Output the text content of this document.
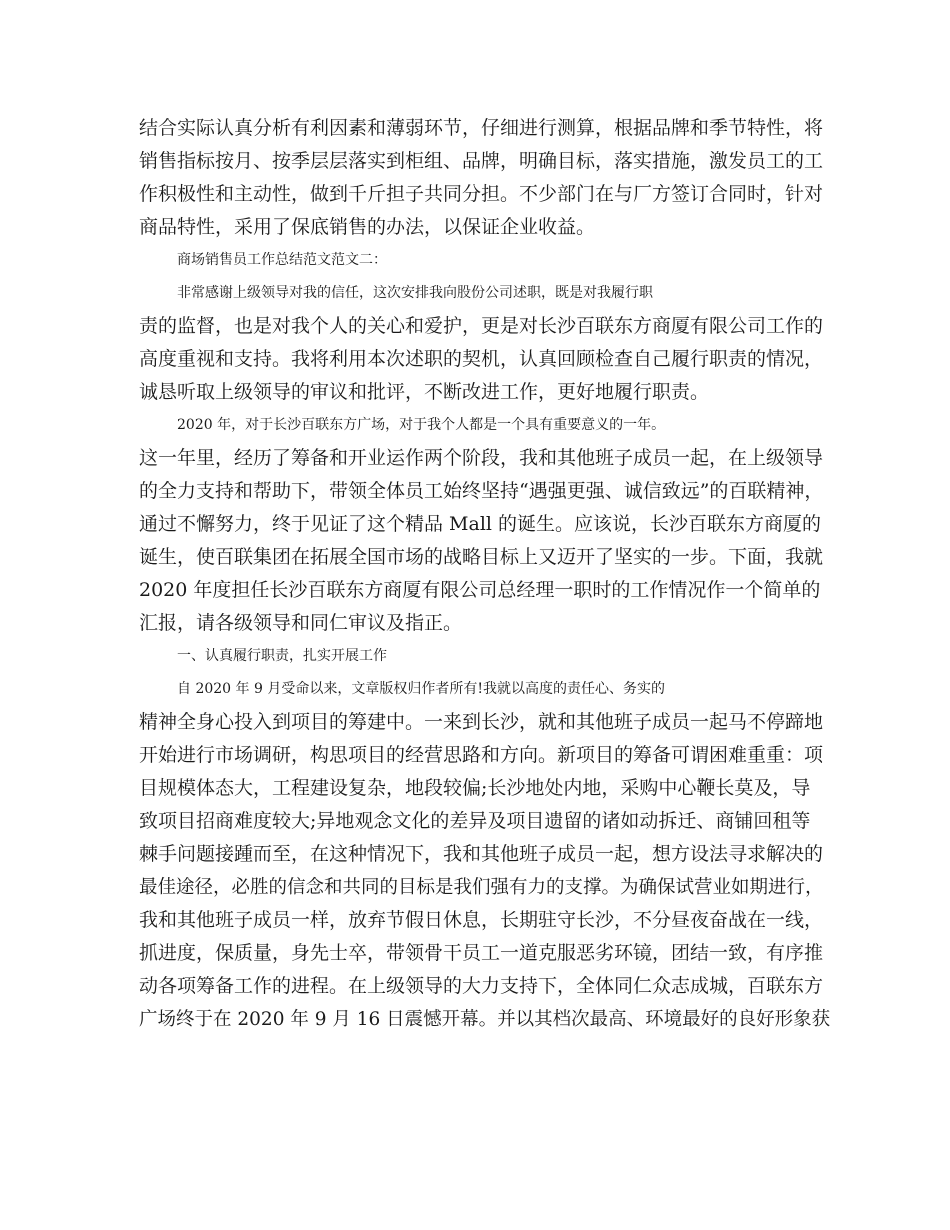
结合实际认真分析有利因素和薄弱环节，仔细进行测算，根据品牌和季节特性，将
销售指标按月、按季层层落实到柜组、品牌，明确目标，落实措施，激发员工的工
作积极性和主动性，做到千斤担子共同分担。不少部门在与厂方签订合同时，针对
商品特性，采用了保底销售的办法，以保证企业收益。
商场销售员工作总结范文范文二：
非常感谢上级领导对我的信任，这次安排我向股份公司述职，既是对我履行职
责的监督，也是对我个人的关心和爱护，更是对长沙百联东方商厦有限公司工作的
高度重视和支持。我将利用本次述职的契机，认真回顾检查自己履行职责的情况，
诚恳听取上级领导的审议和批评，不断改进工作，更好地履行职责。
2020 年，对于长沙百联东方广场，对于我个人都是一个具有重要意义的一年。
这一年里，经历了筹备和开业运作两个阶段，我和其他班子成员一起，在上级领导
的全力支持和帮助下，带领全体员工始终坚持“遇强更强、诚信致远”的百联精神，
通过不懈努力，终于见证了这个精品 Mall 的诞生。应该说，长沙百联东方商厦的
诞生，使百联集团在拓展全国市场的战略目标上又迈开了坚实的一步。下面，我就
2020 年度担任长沙百联东方商厦有限公司总经理一职时的工作情况作一个简单的
汇报，请各级领导和同仁审议及指正。
一、认真履行职责，扎实开展工作
自 2020 年 9 月受命以来，文章版权归作者所有!我就以高度的责任心、务实的
精神全身心投入到项目的筹建中。一来到长沙，就和其他班子成员一起马不停蹄地
开始进行市场调研，构思项目的经营思路和方向。新项目的筹备可谓困难重重：项
目规模体态大，工程建设复杂，地段较偏;长沙地处内地，采购中心鞭长莫及，导
致项目招商难度较大;异地观念文化的差异及项目遗留的诸如动拆迁、商铺回租等
棘手问题接踵而至，在这种情况下，我和其他班子成员一起，想方设法寻求解决的
最佳途径，必胜的信念和共同的目标是我们强有力的支撑。为确保试营业如期进行，
我和其他班子成员一样，放弃节假日休息，长期驻守长沙，不分昼夜奋战在一线，
抓进度，保质量，身先士卒，带领骨干员工一道克服恶劣环镜，团结一致，有序推
动各项筹备工作的进程。在上级领导的大力支持下，全体同仁众志成城，百联东方
广场终于在 2020 年 9 月 16 日震憾开幕。并以其档次最高、环境最好的良好形象获
